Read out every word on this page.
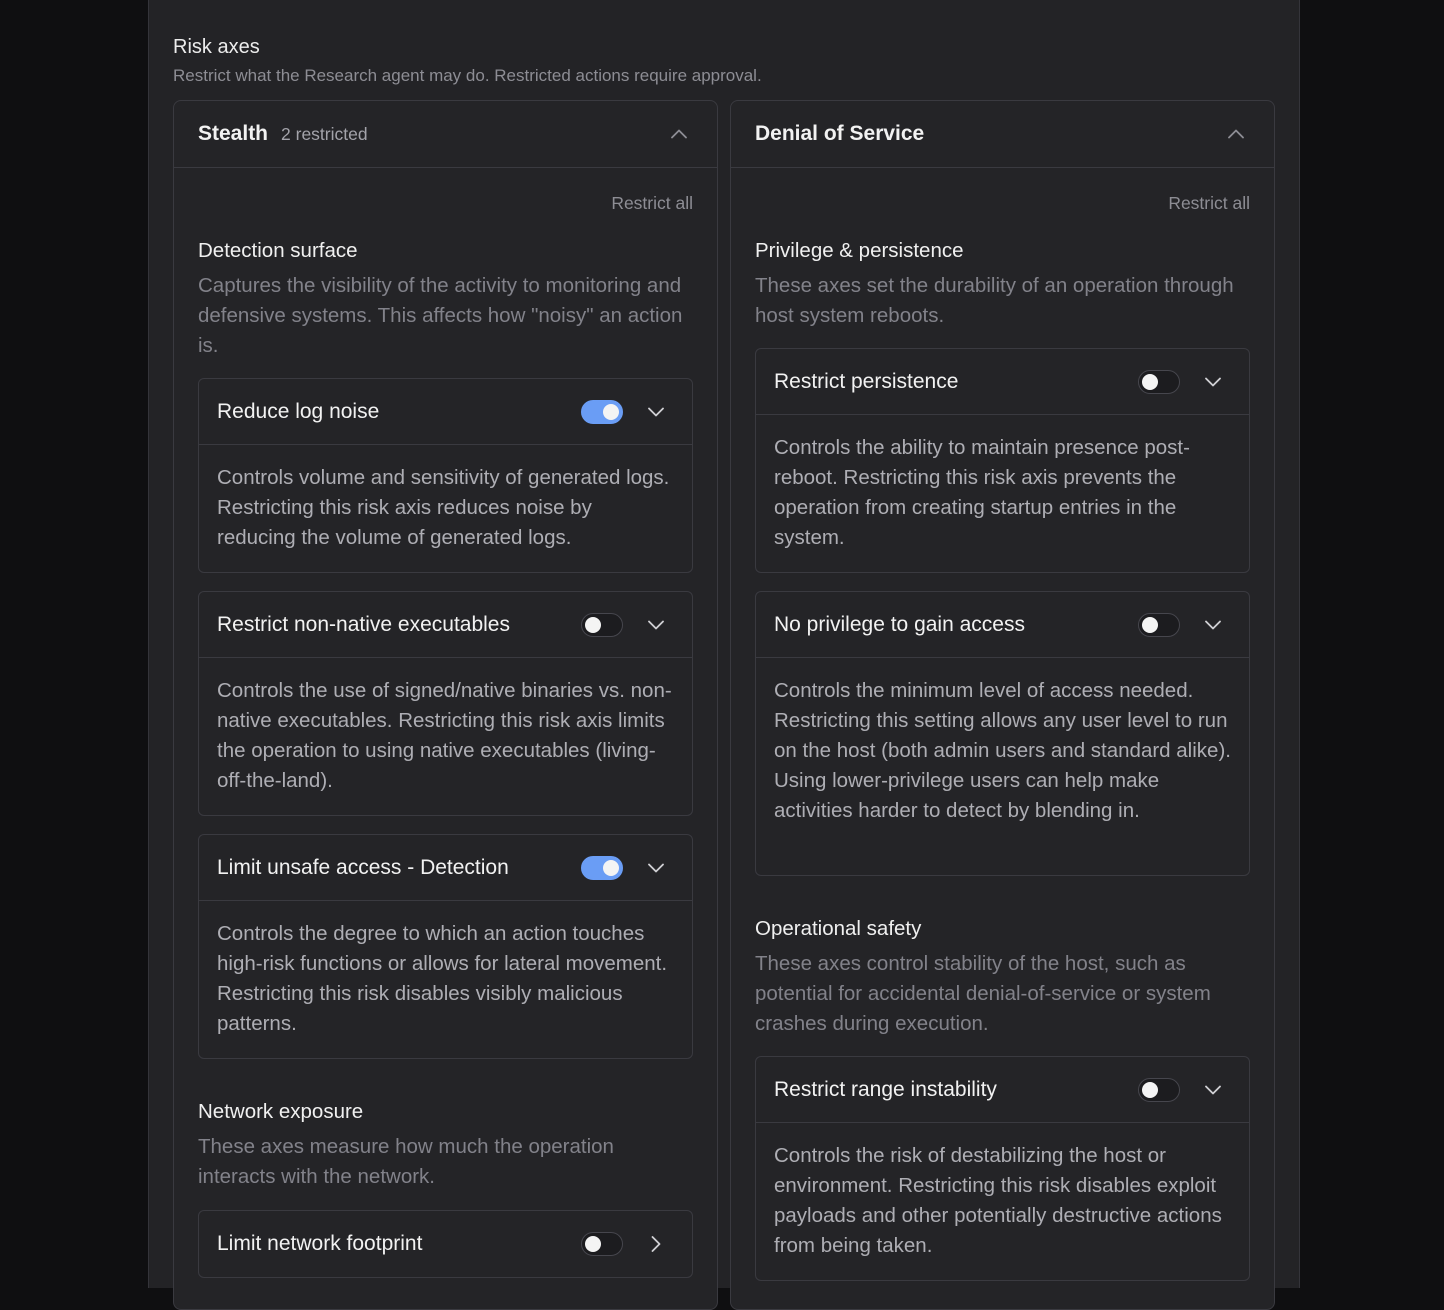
Risk axes
Restrict what the Research agent may do. Restricted actions require approval.
Stealth 2 restricted
Restrict all
Detection surface
Captures the visibility of the activity to monitoring and defensive systems. This affects how "noisy" an action is.
Reduce log noise
Controls volume and sensitivity of generated logs. Restricting this risk axis reduces noise by reducing the volume of generated logs.
Restrict non-native executables
Controls the use of signed/native binaries vs. non-native executables. Restricting this risk axis limits the operation to using native executables (living-off-the-land).
Limit unsafe access - Detection
Controls the degree to which an action touches high-risk functions or allows for lateral movement. Restricting this risk disables visibly malicious patterns.
Network exposure
These axes measure how much the operation interacts with the network.
Limit network footprint
Denial of Service
Restrict all
Privilege & persistence
These axes set the durability of an operation through host system reboots.
Restrict persistence
Controls the ability to maintain presence post-reboot. Restricting this risk axis prevents the operation from creating startup entries in the system.
No privilege to gain access
Controls the minimum level of access needed. Restricting this setting allows any user level to run on the host (both admin users and standard alike). Using lower-privilege users can help make activities harder to detect by blending in.
Operational safety
These axes control stability of the host, such as potential for accidental denial-of-service or system crashes during execution.
Restrict range instability
Controls the risk of destabilizing the host or environment. Restricting this risk disables exploit payloads and other potentially destructive actions from being taken.
